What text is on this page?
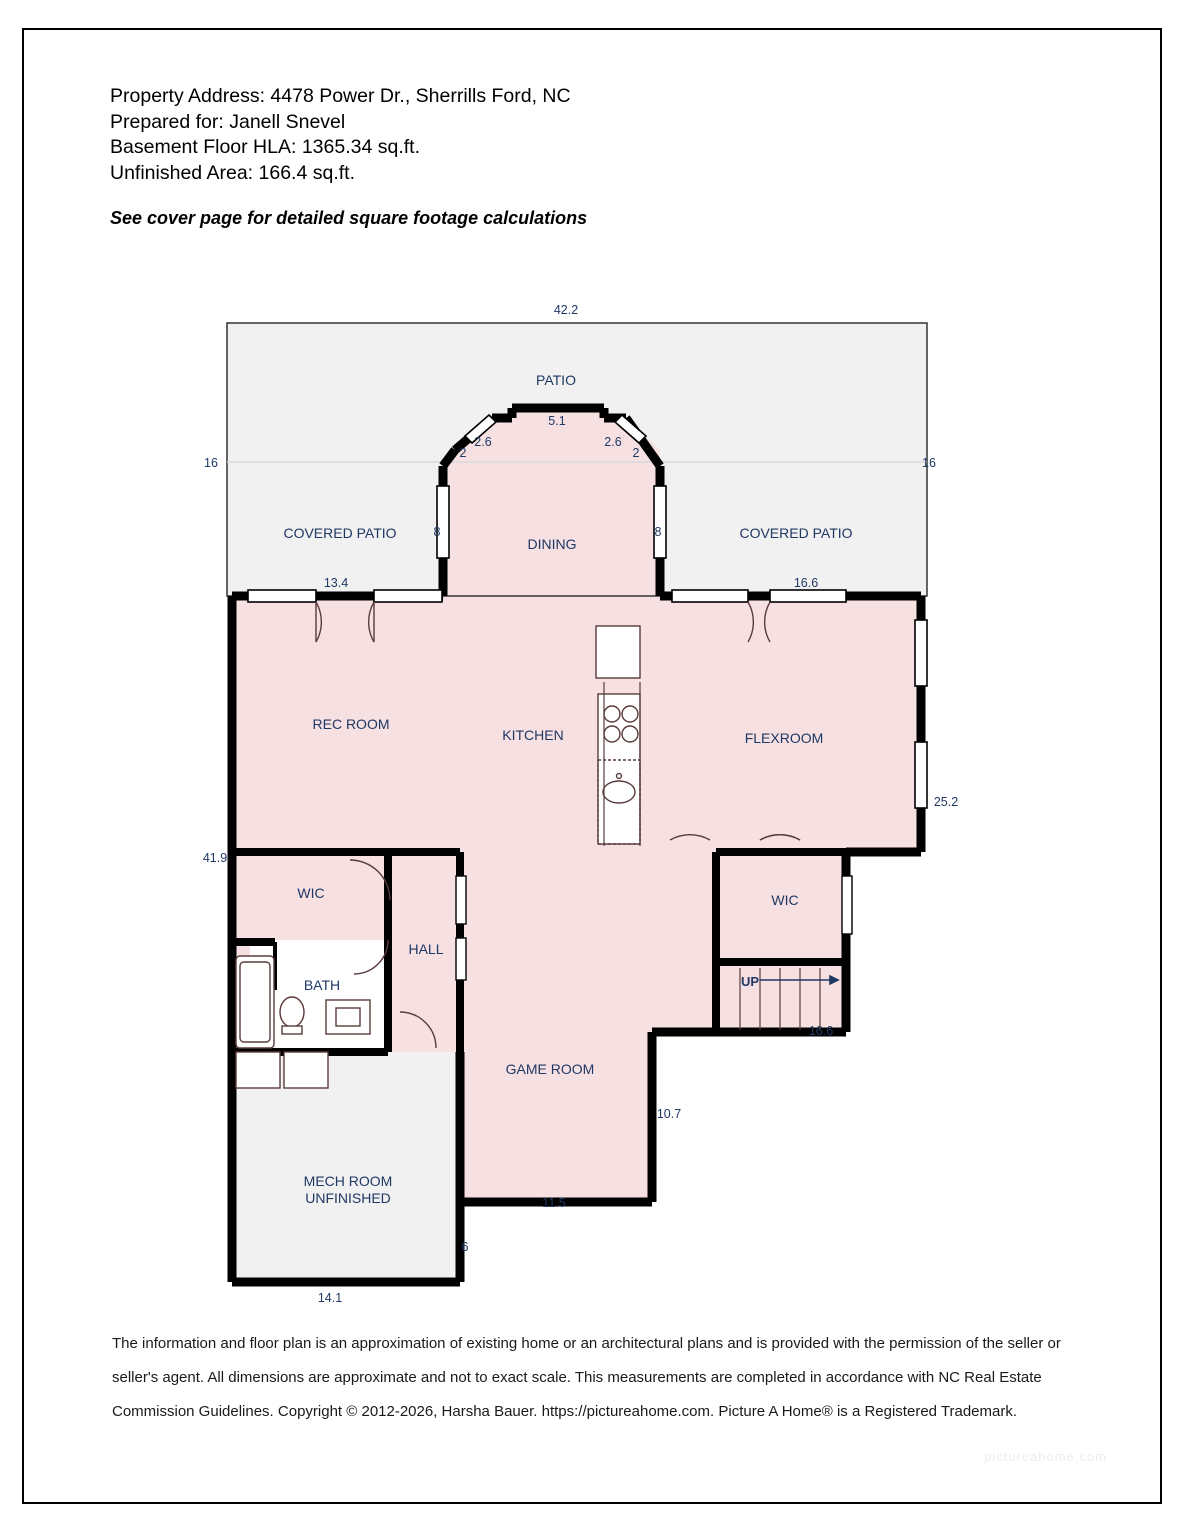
Property Address: 4478 Power Dr., Sherrills Ford, NC
Prepared for: Janell Snevel
Basement Floor HLA: 1365.34 sq.ft.
Unfinished Area: 166.4 sq.ft.
See cover page for detailed square footage calculations
UP
PATIO
COVERED PATIO	COVERED PATIO
DINING
REC ROOM
KITCHEN	FLEXROOM
WIC	WIC
HALL
BATH
GAME ROOM
MECH ROOM
UNFINISHED
42.2
16	16
5.1
2
2.6	2.6
2
8	8
13.4	16.6
25.2
41.9
16.6
10.7
11.5
6
14.1

The information and floor plan is an approximation of existing home or an architectural plans and is provided with the permission of the seller or

seller's agent. All dimensions are approximate and not to exact scale. This measurements are completed in accordance with NC Real Estate

Commission Guidelines. Copyright © 2012-2026, Harsha Bauer. https://pictureahome.com. Picture A Home® is a Registered Trademark.

pictureahome.com
